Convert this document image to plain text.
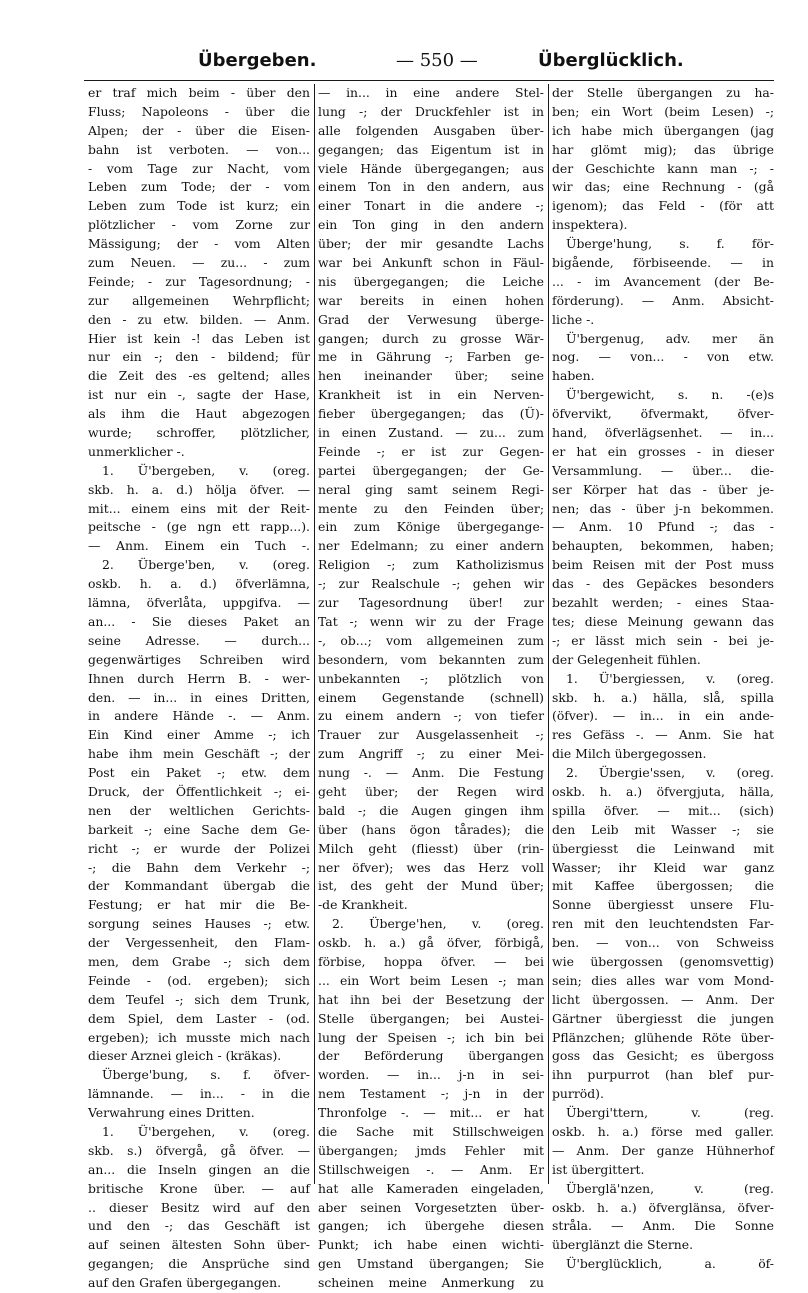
Übergeben.	— 550 —	Überglücklich.
er traf mich beim - über den
Fluss; Napoleons - über die
Alpen; der - über die Eisen-
bahn ist verboten. — von...
- vom Tage zur Nacht, vom
Leben zum Tode; der - vom
Leben zum Tode ist kurz; ein
plötzlicher - vom Zorne zur
Mässigung; der - vom Alten
zum Neuen. — zu... - zum
Feinde; - zur Tagesordnung; -
zur allgemeinen Wehrpflicht;
den - zu etw. bilden. — Anm.
Hier ist kein -! das Leben ist
nur ein -; den - bildend; für
die Zeit des -es geltend; alles
ist nur ein -, sagte der Hase,
als ihm die Haut abgezogen
wurde; schroffer, plötzlicher,
unmerklicher -.
1. Ü'bergeben, v. (oreg.
skb. h. a. d.) hölja öfver. —
mit... einem eins mit der Reit-
peitsche - (ge ngn ett rapp...).
— Anm. Einem ein Tuch -.
2. Überge'ben, v. (oreg.
oskb. h. a. d.) öfverlämna,
lämna, öfverlåta, uppgifva. —
an... - Sie dieses Paket an
seine Adresse. — durch...
gegenwärtiges Schreiben wird
Ihnen durch Herrn B. - wer-
den. — in... in eines Dritten,
in andere Hände -. — Anm.
Ein Kind einer Amme -; ich
habe ihm mein Geschäft -; der
Post ein Paket -; etw. dem
Druck, der Öffentlichkeit -; ei-
nen der weltlichen Gerichts-
barkeit -; eine Sache dem Ge-
richt -; er wurde der Polizei
-; die Bahn dem Verkehr -;
der Kommandant übergab die
Festung; er hat mir die Be-
sorgung seines Hauses -; etw.
der Vergessenheit, den Flam-
men, dem Grabe -; sich dem
Feinde - (od. ergeben); sich
dem Teufel -; sich dem Trunk,
dem Spiel, dem Laster - (od.
ergeben); ich musste mich nach
dieser Arznei gleich - (kräkas).
Überge'bung, s. f. öfver-
lämnande. — in... - in die
Verwahrung eines Dritten.
1. Ü'bergehen, v. (oreg.
skb. s.) öfvergå, gå öfver. —
an... die Inseln gingen an die
britische Krone über. — auf
.. dieser Besitz wird auf den
und den -; das Geschäft ist
auf seinen ältesten Sohn über-
gegangen; die Ansprüche sind
auf den Grafen übergegangen.
— in... in eine andere Stel-
lung -; der Druckfehler ist in
alle folgenden Ausgaben über-
gegangen; das Eigentum ist in
viele Hände übergegangen; aus
einem Ton in den andern, aus
einer Tonart in die andere -;
ein Ton ging in den andern
über; der mir gesandte Lachs
war bei Ankunft schon in Fäul-
nis übergegangen; die Leiche
war bereits in einen hohen
Grad der Verwesung überge-
gangen; durch zu grosse Wär-
me in Gährung -; Farben ge-
hen ineinander über; seine
Krankheit ist in ein Nerven-
fieber übergegangen; das (Ü)-
in einen Zustand. — zu... zum
Feinde -; er ist zur Gegen-
partei übergegangen; der Ge-
neral ging samt seinem Regi-
mente zu den Feinden über;
ein zum Könige übergegange-
ner Edelmann; zu einer andern
Religion -; zum Katholizismus
-; zur Realschule -; gehen wir
zur Tagesordnung über! zur
Tat -; wenn wir zu der Frage
-, ob...; vom allgemeinen zum
besondern, vom bekannten zum
unbekannten -; plötzlich von
einem Gegenstande (schnell)
zu einem andern -; von tiefer
Trauer zur Ausgelassenheit -;
zum Angriff -; zu einer Mei-
nung -. — Anm. Die Festung
geht über; der Regen wird
bald -; die Augen gingen ihm
über (hans ögon tårades); die
Milch geht (fliesst) über (rin-
ner öfver); wes das Herz voll
ist, des geht der Mund über;
-de Krankheit.
2. Überge'hen, v. (oreg.
oskb. h. a.) gå öfver, förbigå,
förbise, hoppa öfver. — bei
... ein Wort beim Lesen -; man
hat ihn bei der Besetzung der
Stelle übergangen; bei Austei-
lung der Speisen -; ich bin bei
der Beförderung übergangen
worden. — in... j-n in sei-
nem Testament -; j-n in der
Thronfolge -. — mit... er hat
die Sache mit Stillschweigen
übergangen; jmds Fehler mit
Stillschweigen -. — Anm. Er
hat alle Kameraden eingeladen,
aber seinen Vorgesetzten über-
gangen; ich übergehe diesen
Punkt; ich habe einen wichti-
gen Umstand übergangen; Sie
scheinen meine Anmerkung zu
der Stelle übergangen zu ha-
ben; ein Wort (beim Lesen) -;
ich habe mich übergangen (jag
har glömt mig); das übrige
der Geschichte kann man -; -
wir das; eine Rechnung - (gå
igenom); das Feld - (för att
inspektera).
Überge'hung, s. f. för-
bigående, förbiseende. — in
... - im Avancement (der Be-
förderung). — Anm. Absicht-
liche -.
Ü'bergenug, adv. mer än
nog. — von... - von etw.
haben.
Ü'bergewicht, s. n. -(e)s
öfvervikt, öfvermakt, öfver-
hand, öfverlägsenhet. — in...
er hat ein grosses - in dieser
Versammlung. — über... die-
ser Körper hat das - über je-
nen; das - über j-n bekommen.
— Anm. 10 Pfund -; das -
behaupten, bekommen, haben;
beim Reisen mit der Post muss
das - des Gepäckes besonders
bezahlt werden; - eines Staa-
tes; diese Meinung gewann das
-; er lässt mich sein - bei je-
der Gelegenheit fühlen.
1. Ü'bergiessen, v. (oreg.
skb. h. a.) hälla, slå, spilla
(öfver). — in... in ein ande-
res Gefäss -. — Anm. Sie hat
die Milch übergegossen.
2. Übergie'ssen, v. (oreg.
oskb. h. a.) öfvergjuta, hälla,
spilla öfver. — mit... (sich)
den Leib mit Wasser -; sie
übergiesst die Leinwand mit
Wasser; ihr Kleid war ganz
mit Kaffee übergossen; die
Sonne übergiesst unsere Flu-
ren mit den leuchtendsten Far-
ben. — von... von Schweiss
wie übergossen (genomsvettig)
sein; dies alles war vom Mond-
licht übergossen. — Anm. Der
Gärtner übergiesst die jungen
Pflänzchen; glühende Röte über-
goss das Gesicht; es übergoss
ihn purpurrot (han blef pur-
purröd).
Übergi'ttern, v. (reg.
oskb. h. a.) förse med galler.
— Anm. Der ganze Hühnerhof
ist übergittert.
Überglä'nzen, v. (reg.
oskb. h. a.) öfverglänsa, öfver-
stråla. — Anm. Die Sonne
überglänzt die Sterne.
Ü'berglücklich, a. öf-
